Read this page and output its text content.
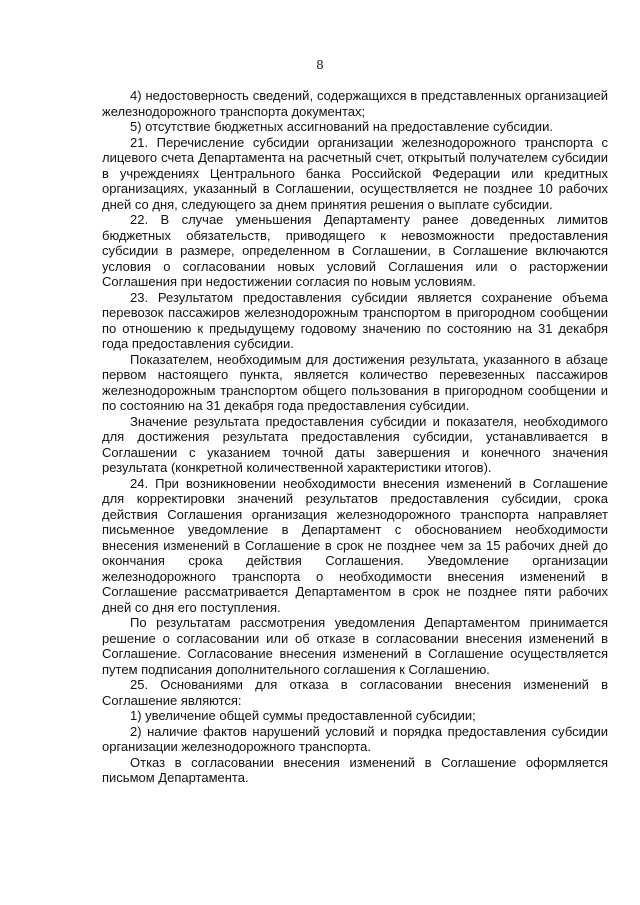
8

4) недостоверность сведений, содержащихся в представленных организацией железнодорожного транспорта документах;

5) отсутствие бюджетных ассигнований на предоставление субсидии.

21. Перечисление субсидии организации железнодорожного транспорта с лицевого счета Департамента на расчетный счет, открытый получателем субсидии в учреждениях Центрального банка Российской Федерации или кредитных организациях, указанный в Соглашении, осуществляется не позднее 10 рабочих дней со дня, следующего за днем принятия решения о выплате субсидии.

22. В случае уменьшения Департаменту ранее доведенных лимитов бюджетных обязательств, приводящего к невозможности предоставления субсидии в размере, определенном в Соглашении, в Соглашение включаются условия о согласовании новых условий Соглашения или о расторжении Соглашения при недостижении согласия по новым условиям.

23. Результатом предоставления субсидии является сохранение объема перевозок пассажиров железнодорожным транспортом в пригородном сообщении по отношению к предыдущему годовому значению по состоянию на 31 декабря года предоставления субсидии.

Показателем, необходимым для достижения результата, указанного в абзаце первом настоящего пункта, является количество перевезенных пассажиров железнодорожным транспортом общего пользования в пригородном сообщении и по состоянию на 31 декабря года предоставления субсидии.

Значение результата предоставления субсидии и показателя, необходимого для достижения результата предоставления субсидии, устанавливается в Соглашении с указанием точной даты завершения и конечного значения результата (конкретной количественной характеристики итогов).

24. При возникновении необходимости внесения изменений в Соглашение для корректировки значений результатов предоставления субсидии, срока действия Соглашения организация железнодорожного транспорта направляет письменное уведомление в Департамент с обоснованием необходимости внесения изменений в Соглашение в срок не позднее чем за 15 рабочих дней до окончания срока действия Соглашения. Уведомление организации железнодорожного транспорта о необходимости внесения изменений в Соглашение рассматривается Департаментом в срок не позднее пяти рабочих дней со дня его поступления.

По результатам рассмотрения уведомления Департаментом принимается решение о согласовании или об отказе в согласовании внесения изменений в Соглашение. Согласование внесения изменений в Соглашение осуществляется путем подписания дополнительного соглашения к Соглашению.

25. Основаниями для отказа в согласовании внесения изменений в Соглашение являются:

1) увеличение общей суммы предоставленной субсидии;

2) наличие фактов нарушений условий и порядка предоставления субсидии организации железнодорожного транспорта.

Отказ в согласовании внесения изменений в Соглашение оформляется письмом Департамента.
